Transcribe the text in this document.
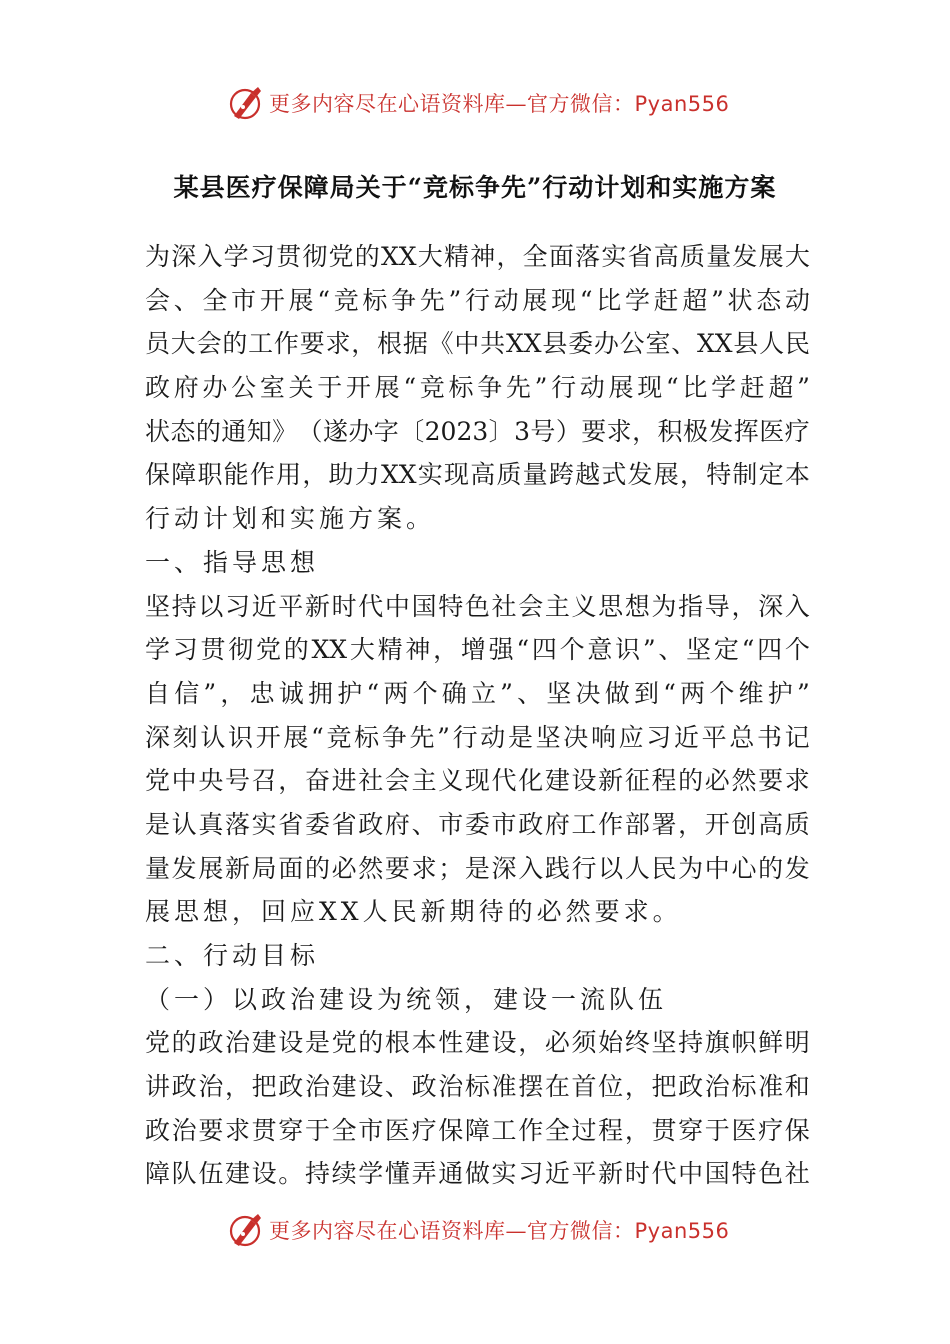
更多内容尽在心语资料库—官方微信：Pyan556
某县医疗保障局关于“竞标争先”行动计划和实施方案
为 深 入 学 习 贯 彻 党 的 XX 大 精 神 ， 全 面 落 实 省 高 质 量 发 展 大
会 、 全 市 开 展 “ 竞 标 争 先 ” 行 动 展 现 “ 比 学 赶 超 ” 状 态 动
员 大 会 的 工 作 要 求 ， 根 据 《 中 共 XX 县 委 办 公 室 、 XX 县 人 民
政 府 办 公 室 关 于 开 展 “ 竞 标 争 先 ” 行 动 展 现 “ 比 学 赶 超 ”
状 态 的 通 知 》 （ 遂 办 字 〔 2023 〕 3 号 ） 要 求 ， 积 极 发 挥 医 疗
保 障 职 能 作 用 ， 助 力 XX 实 现 高 质 量 跨 越 式 发 展 ， 特 制 定 本
行动计划和实施方案。
一、指导思想
坚 持 以 习 近 平 新 时 代 中 国 特 色 社 会 主 义 思 想 为 指 导 ， 深 入
学 习 贯 彻 党 的 XX 大 精 神 ， 增 强 “ 四 个 意 识 ” 、 坚 定 “ 四 个
自 信 ” ， 忠 诚 拥 护 “ 两 个 确 立 ” 、 坚 决 做 到 “ 两 个 维 护 ”
深 刻 认 识 开 展 “ 竞 标 争 先 ” 行 动 是 坚 决 响 应 习 近 平 总 书 记
党 中 央 号 召 ， 奋 进 社 会 主 义 现 代 化 建 设 新 征 程 的 必 然 要 求
是 认 真 落 实 省 委 省 政 府 、 市 委 市 政 府 工 作 部 署 ， 开 创 高 质
量 发 展 新 局 面 的 必 然 要 求 ； 是 深 入 践 行 以 人 民 为 中 心 的 发
展思想，回应XX人民新期待的必然要求。
二、行动目标
（一）以政治建设为统领，建设一流队伍
党 的 政 治 建 设 是 党 的 根 本 性 建 设 ， 必 须 始 终 坚 持 旗 帜 鲜 明
讲 政 治 ， 把 政 治 建 设 、 政 治 标 准 摆 在 首 位 ， 把 政 治 标 准 和
政 治 要 求 贯 穿 于 全 市 医 疗 保 障 工 作 全 过 程 ， 贯 穿 于 医 疗 保
障 队 伍 建 设 。 持 续 学 懂 弄 通 做 实 习 近 平 新 时 代 中 国 特 色 社
更多内容尽在心语资料库—官方微信：Pyan556
